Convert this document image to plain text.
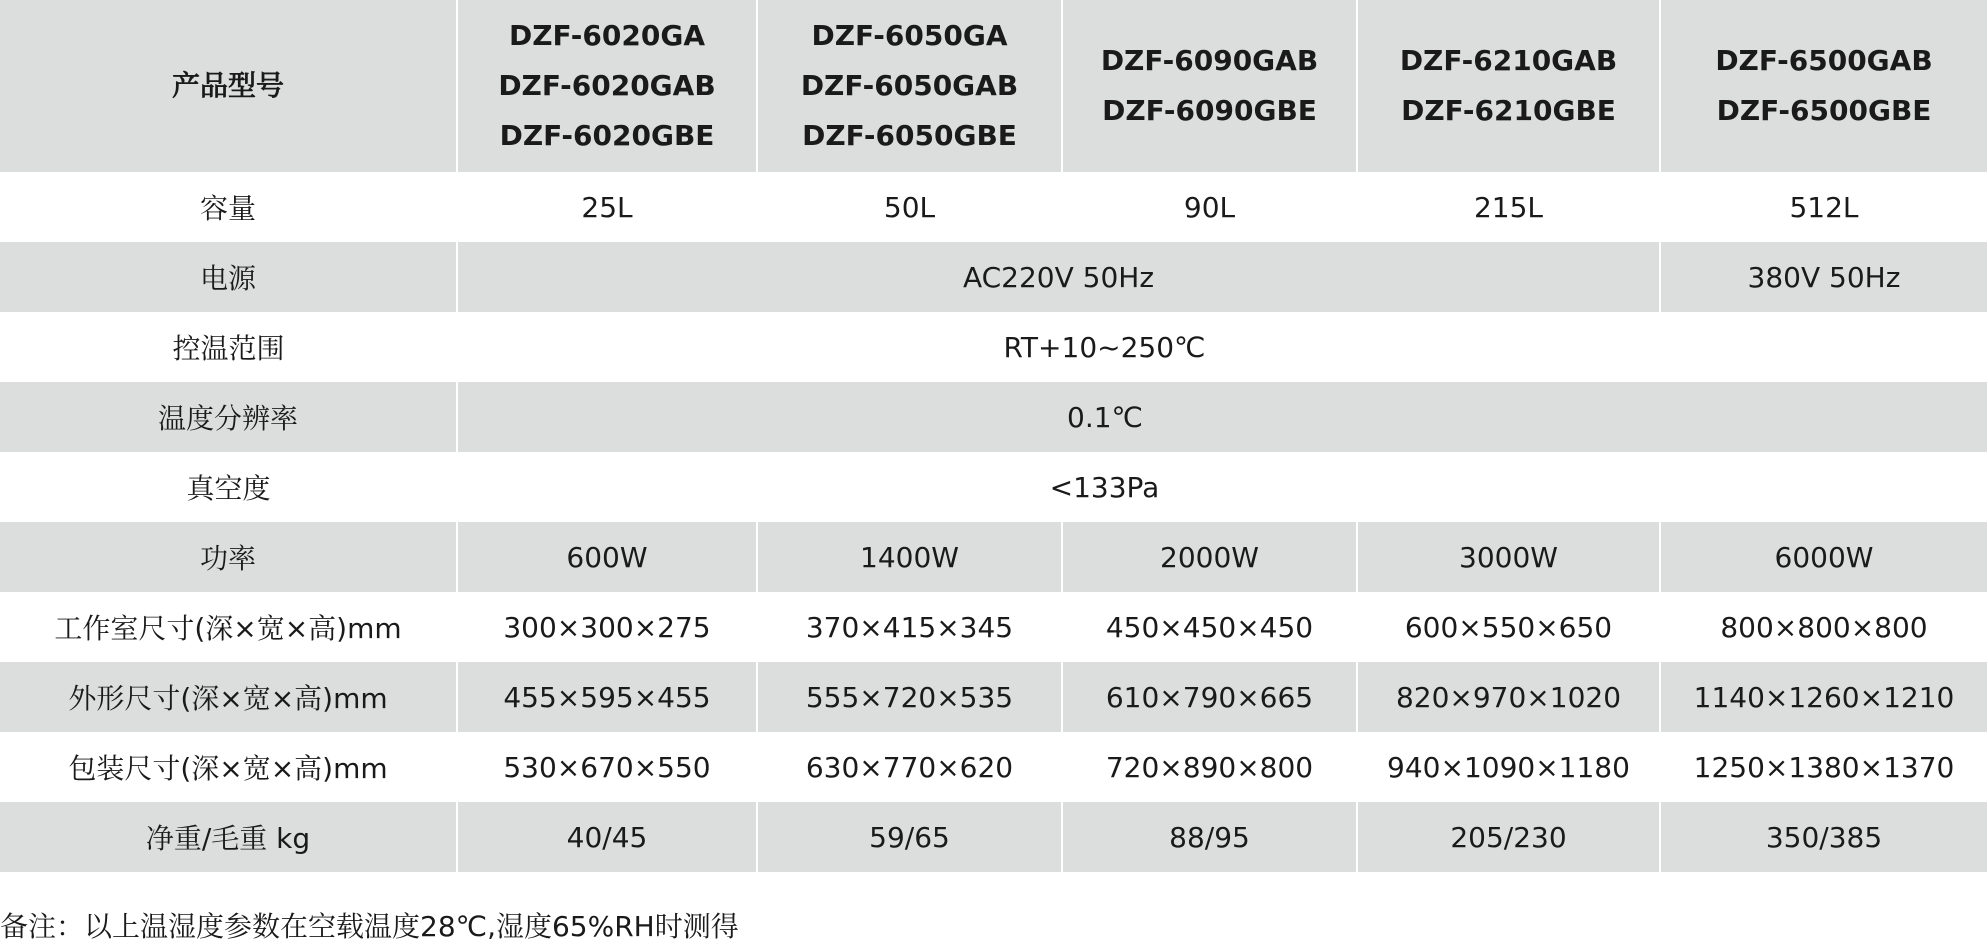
产品型号	DZF-6020GA
DZF-6020GAB
DZF-6020GBE	DZF-6050GA
DZF-6050GAB
DZF-6050GBE	DZF-6090GAB
DZF-6090GBE	DZF-6210GAB
DZF-6210GBE	DZF-6500GAB
DZF-6500GBE

容量	25L	50L	90L	215L	512L
电源	AC220V 50Hz				380V 50Hz
控温范围	RT+10~250℃				
温度分辨率	0.1℃				
真空度	<133Pa				
功率	600W	1400W	2000W	3000W	6000W
工作室尺寸(深×宽×高)mm	300×300×275	370×415×345	450×450×450	600×550×650	800×800×800
外形尺寸(深×宽×高)mm	455×595×455	555×720×535	610×790×665	820×970×1020	1140×1260×1210
包装尺寸(深×宽×高)mm	530×670×550	630×770×620	720×890×800	940×1090×1180	1250×1380×1370
净重/毛重 kg	40/45	59/65	88/95	205/230	350/385
备注：以上温湿度参数在空载温度28℃,湿度65%RH时测得
